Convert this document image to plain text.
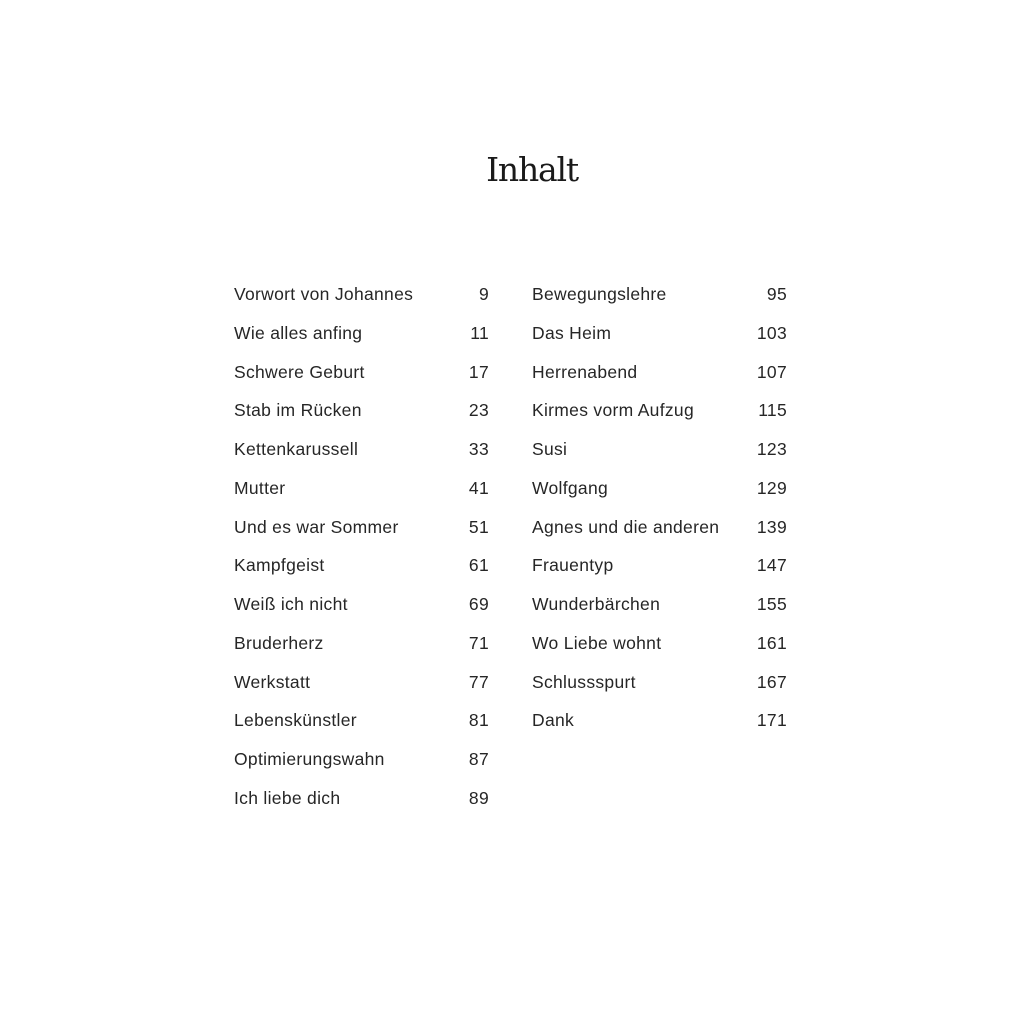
Inhalt
Vorwort von Johannes	9
Wie alles anfing	11
Schwere Geburt	17
Stab im Rücken	23
Kettenkarussell	33
Mutter	41
Und es war Sommer	51
Kampfgeist	61
Weiß ich nicht	69
Bruderherz	71
Werkstatt	77
Lebenskünstler	81
Optimierungswahn	87
Ich liebe dich	89
Bewegungslehre	95
Das Heim	103
Herrenabend	107
Kirmes vorm Aufzug	115
Susi	123
Wolfgang	129
Agnes und die anderen 139
Frauentyp	147
Wunderbärchen	155
Wo Liebe wohnt	161
Schlussspurt	167
Dank	171
